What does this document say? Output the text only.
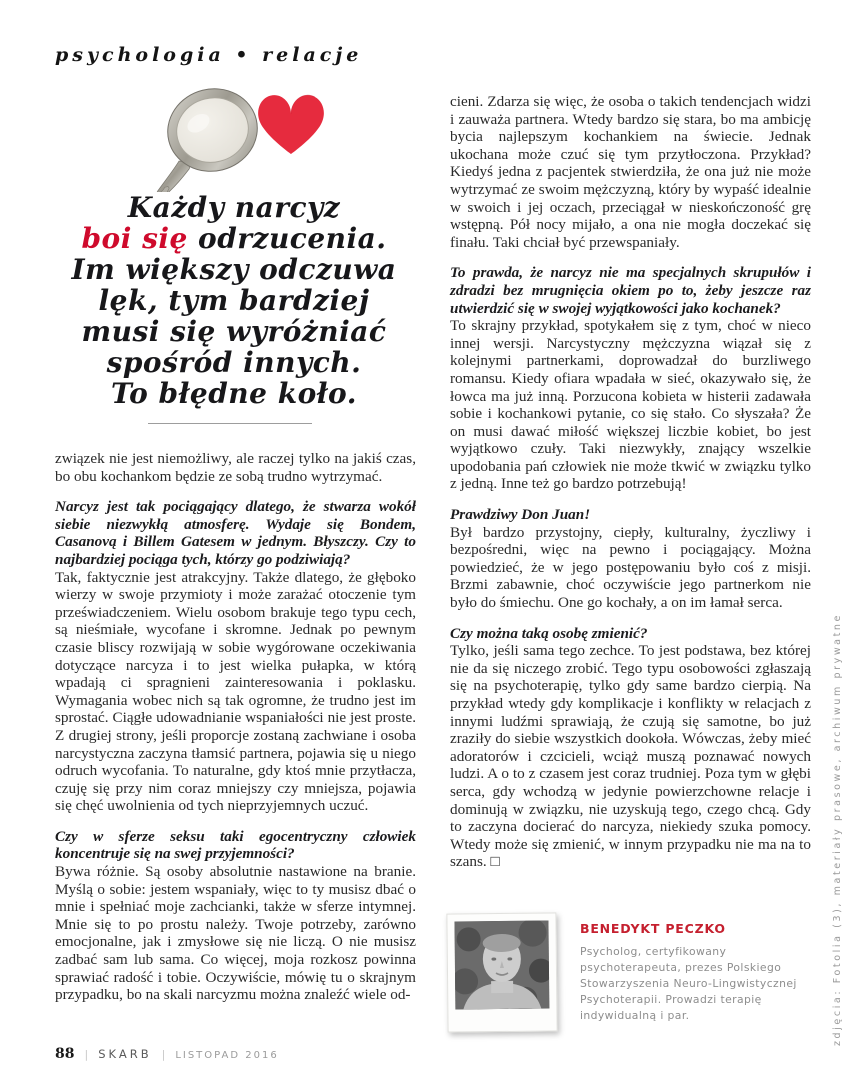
psychologia • relacje
Każdy narcyz
boi się odrzucenia.
Im większy odczuwa
lęk, tym bardziej
musi się wyróżniać
spośród innych.
To błędne koło.

związek nie jest niemożliwy, ale raczej tylko na jakiś czas, bo obu kochankom będzie ze sobą trudno wytrzymać.

Narcyz jest tak pociągający dlatego, że stwarza wokół siebie niezwykłą atmosferę. Wydaje się Bondem, Casanovą i Billem Gatesem w jednym. Błyszczy. Czy to najbardziej pociąga tych, którzy go podziwiają?

Tak, faktycznie jest atrakcyjny. Także dlatego, że głęboko wierzy w swoje przymioty i może zarażać otoczenie tym przeświadczeniem. Wielu osobom brakuje tego typu cech, są nieśmiałe, wycofane i skromne. Jednak po pewnym czasie bliscy rozwijają w sobie wygórowane oczekiwania dotyczące narcyza i to jest wielka pułapka, w którą wpadają ci spragnieni zainteresowania i poklasku. Wymagania wobec nich są tak ogromne, że trudno jest im sprostać. Ciągłe udowadnianie wspaniałości nie jest proste. Z drugiej strony, jeśli proporcje zostaną zachwiane i osoba narcystyczna zaczyna tłamsić partnera, pojawia się u niego odruch wycofania. To naturalne, gdy ktoś mnie przytłacza, czuję się przy nim coraz mniejszy czy mniejsza, pojawia się chęć uwolnienia od tych nieprzyjemnych uczuć.

Czy w sferze seksu taki egocentryczny człowiek koncentruje się na swej przyjemności?

Bywa różnie. Są osoby absolutnie nastawione na branie. Myślą o sobie: jestem wspaniały, więc to ty musisz dbać o mnie i spełniać moje zachcianki, także w sferze intymnej. Mnie się to po prostu należy. Twoje potrzeby, zarówno emocjonalne, jak i zmysłowe się nie liczą. O nie musisz zadbać sam lub sama. Co więcej, moja rozkosz powinna sprawiać radość i tobie. Oczywiście, mówię tu o skrajnym przypadku, bo na skali narcyzmu można znaleźć wiele od-

cieni. Zdarza się więc, że osoba o takich tendencjach widzi i zauważa partnera. Wtedy bardzo się stara, bo ma ambicję bycia najlepszym kochankiem na świecie. Jednak ukochana może czuć się tym przytłoczona. Przykład? Kiedyś jedna z pacjentek stwierdziła, że ona już nie może wytrzymać ze swoim mężczyzną, który by wypaść idealnie w swoich i jej oczach, przeciągał w nieskończoność grę wstępną. Pół nocy mijało, a ona nie mogła doczekać się finału. Taki chciał być przewspaniały.

To prawda, że narcyz nie ma specjalnych skrupułów i zdradzi bez mrugnięcia okiem po to, żeby jeszcze raz utwierdzić się w swojej wyjątkowości jako kochanek?

To skrajny przykład, spotykałem się z tym, choć w nieco innej wersji. Narcystyczny mężczyzna wiązał się z kolejnymi partnerkami, doprowadzał do burzliwego romansu. Kiedy ofiara wpadała w sieć, okazywało się, że łowca ma już inną. Porzucona kobieta w histerii zadawała sobie i kochankowi pytanie, co się stało. Co słyszała? Że on musi dawać miłość większej liczbie kobiet, bo jest wyjątkowo czuły. Taki niezwykły, znający wszelkie upodobania pań człowiek nie może tkwić w związku tylko z jedną. Inne też go bardzo potrzebują!

Prawdziwy Don Juan!

Był bardzo przystojny, ciepły, kulturalny, życzliwy i bezpośredni, więc na pewno i pociągający. Można powiedzieć, że w jego postępowaniu było coś z misji. Brzmi zabawnie, choć oczywiście jego partnerkom nie było do śmiechu. One go kochały, a on im łamał serca.

Czy można taką osobę zmienić?

Tylko, jeśli sama tego zechce. To jest podstawa, bez której nie da się niczego zrobić. Tego typu osobowości zgłaszają się na psychoterapię, tylko gdy same bardzo cierpią. Na przykład wtedy gdy komplikacje i konflikty w relacjach z innymi ludźmi sprawiają, że czują się samotne, bo już zraziły do siebie wszystkich dookoła. Wówczas, żeby mieć adoratorów i czcicieli, wciąż muszą poznawać nowych ludzi. A o to z czasem jest coraz trudniej. Poza tym w głębi serca, gdy wchodzą w jedynie powierzchowne relacje i dominują w związku, nie uzyskują tego, czego chcą. Gdy to zaczyna docierać do narcyza, niekiedy szuka pomocy. Wtedy może się zmienić, w innym przypadku nie ma na to szans. □

BENEDYKT PECZKO
Psycholog, certyfikowany psychoterapeuta, prezes Polskiego Stowarzyszenia Neuro-Lingwistycznej Psychoterapii. Prowadzi terapię indywidualną i par.
88 | SKARB | LISTOPAD 2016
zdjęcia: Fotolia (3), materiały prasowe, archiwum prywatne
